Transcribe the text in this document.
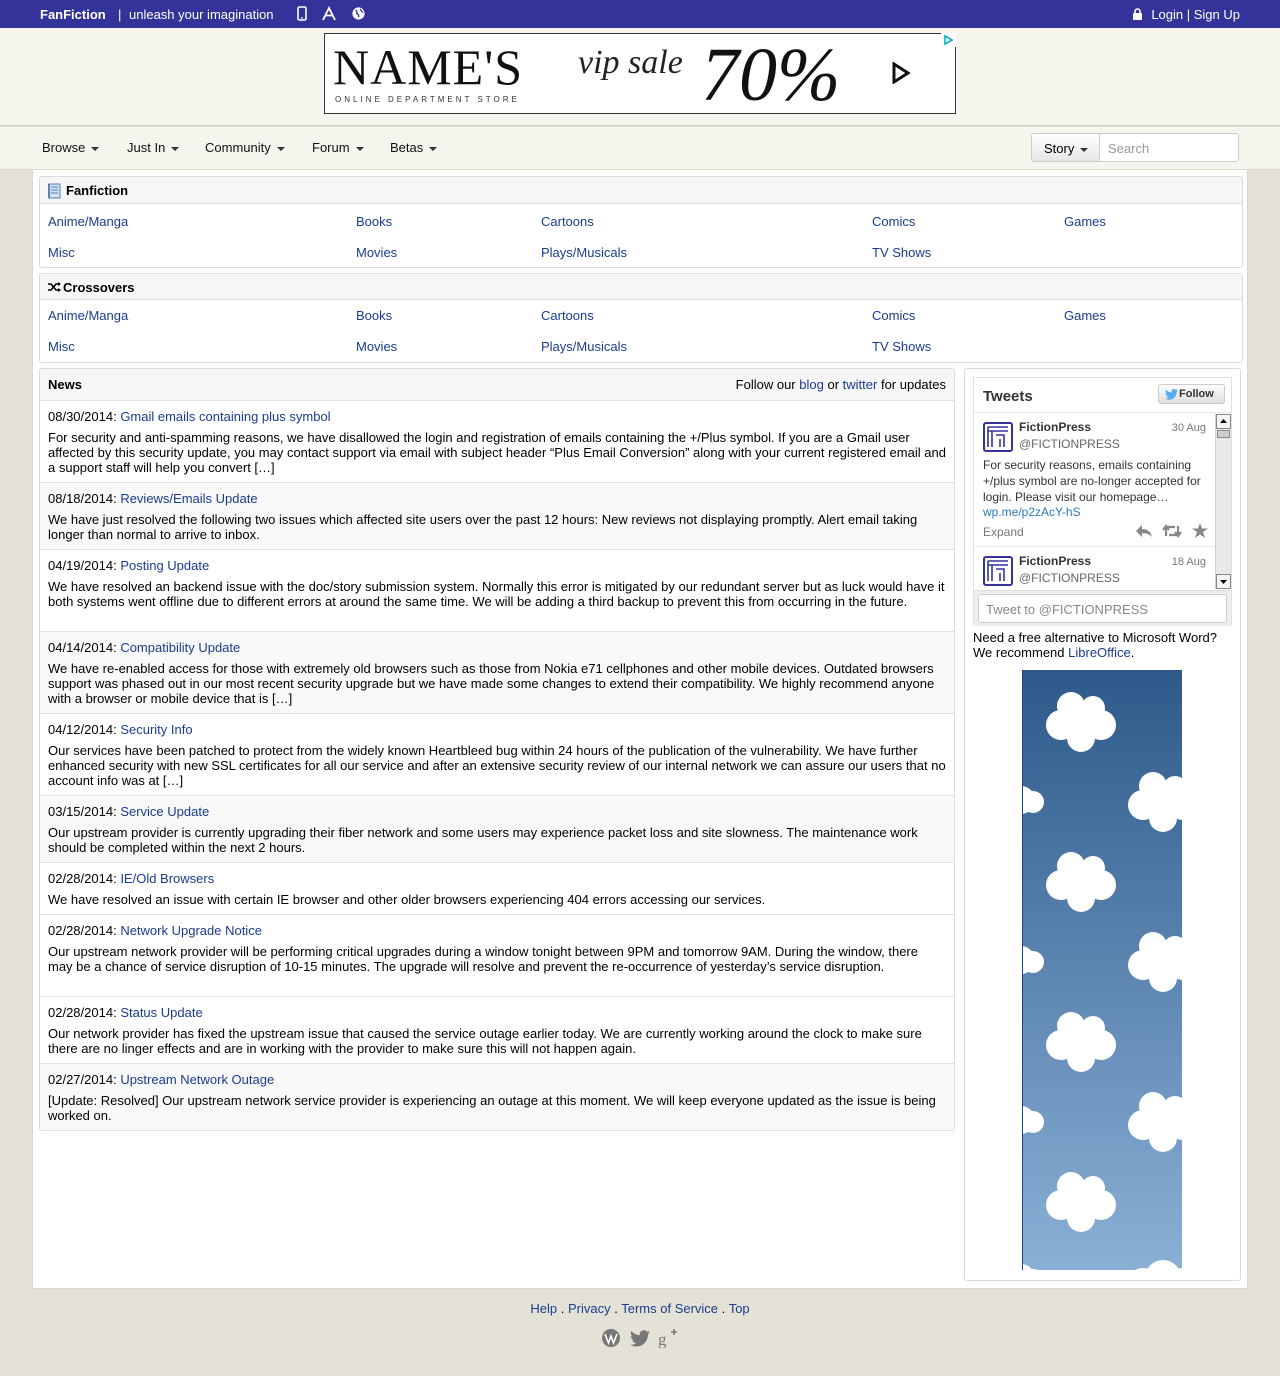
FanFiction | unleash your imagination	Login | Sign Up
NAME'S
ONLINE DEPARTMENT STORE
vip sale 70%
Browse	Just In	Community	Forum	Betas	Story	Search
Fanfiction
Anime/Manga	Books	Cartoons	Comics	Games
Misc	Movies	Plays/Musicals	TV Shows
Crossovers
Anime/Manga	Books	Cartoons	Comics	Games
Misc	Movies	Plays/Musicals	TV Shows
News	Follow our blog or twitter for updates
08/30/2014: Gmail emails containing plus symbol
For security and anti-spamming reasons, we have disallowed the login and registration of emails containing the +/Plus symbol. If you are a Gmail user affected by this security update, you may contact support via email with subject header “Plus Email Conversion” along with your current registered email and a support staff will help you convert […]
08/18/2014: Reviews/Emails Update
We have just resolved the following two issues which affected site users over the past 12 hours: New reviews not displaying promptly. Alert email taking longer than normal to arrive to inbox.
04/19/2014: Posting Update
We have resolved an backend issue with the doc/story submission system. Normally this error is mitigated by our redundant server but as luck would have it both systems went offline due to different errors at around the same time. We will be adding a third backup to prevent this from occurring in the future.
04/14/2014: Compatibility Update
We have re-enabled access for those with extremely old browsers such as those from Nokia e71 cellphones and other mobile devices. Outdated browsers support was phased out in our most recent security upgrade but we have made some changes to extend their compatibility. We highly recommend anyone with a browser or mobile device that is […]
04/12/2014: Security Info
Our services have been patched to protect from the widely known Heartbleed bug within 24 hours of the publication of the vulnerability. We have further enhanced security with new SSL certificates for all our service and after an extensive security review of our internal network we can assure our users that no account info was at […]
03/15/2014: Service Update
Our upstream provider is currently upgrading their fiber network and some users may experience packet loss and site slowness. The maintenance work should be completed within the next 2 hours.
02/28/2014: IE/Old Browsers
We have resolved an issue with certain IE browser and other older browsers experiencing 404 errors accessing our services.
02/28/2014: Network Upgrade Notice
Our upstream network provider will be performing critical upgrades during a window tonight between 9PM and tomorrow 9AM. During the window, there may be a chance of service disruption of 10-15 minutes. The upgrade will resolve and prevent the re-occurrence of yesterday’s service disruption.
02/28/2014: Status Update
Our network provider has fixed the upstream issue that caused the service outage earlier today. We are currently working around the clock to make sure there are no linger effects and are in working with the provider to make sure this will not happen again.
02/27/2014: Upstream Network Outage
[Update: Resolved] Our upstream network service provider is experiencing an outage at this moment. We will keep everyone updated as the issue is being worked on.
Tweets	Follow
FictionPress
@FICTIONPRESS
30 Aug
For security reasons, emails containing +/plus symbol are no-longer accepted for login. Please visit our homepage…
wp.me/p2zAcY-hS
Expand

FictionPress
@FICTIONPRESS
18 Aug
Tweet to @FICTIONPRESS
Need a free alternative to Microsoft Word? We recommend LibreOffice.
Help . Privacy . Terms of Service . Top
g
